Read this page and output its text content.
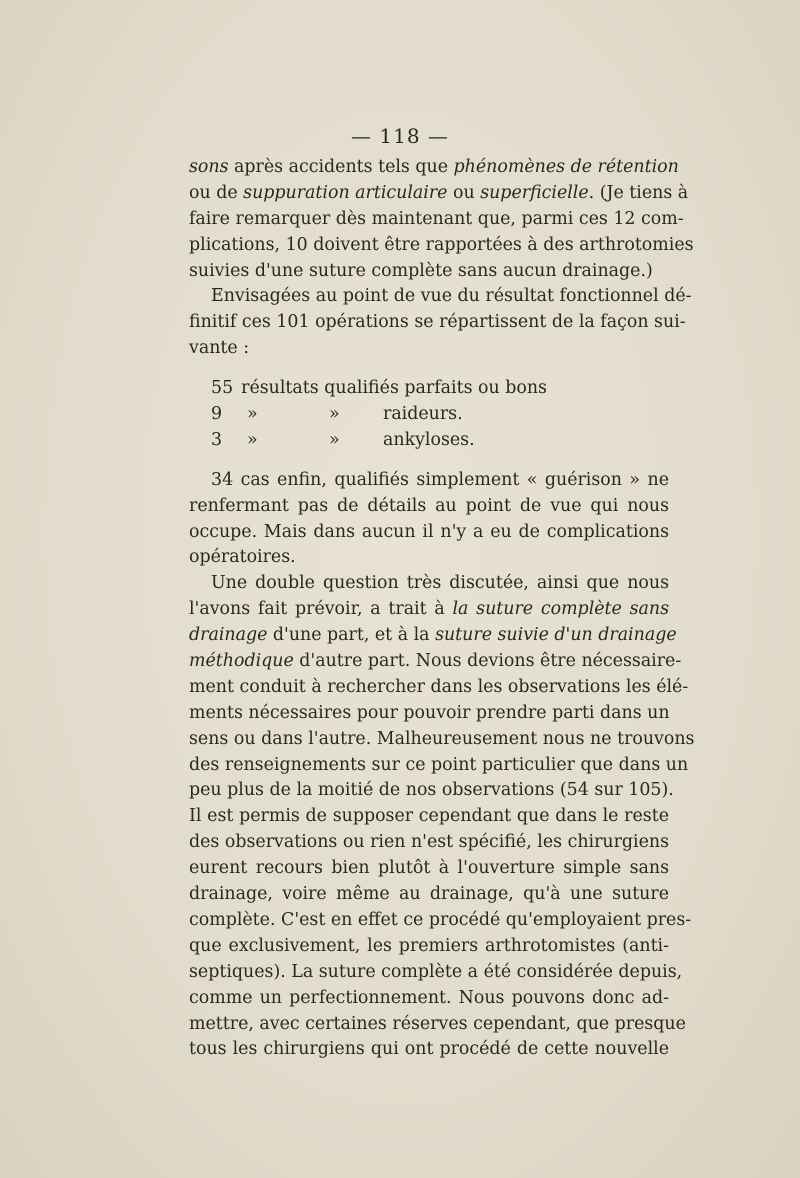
— 118 —
sons après accidents tels que phénomènes de rétention
ou de suppuration articulaire ou superficielle. (Je tiens à
faire remarquer dès maintenant que, parmi ces 12 com-
plications, 10 doivent être rapportées à des arthrotomies
suivies d'une suture complète sans aucun drainage.)
Envisagées au point de vue du résultat fonctionnel dé-
finitif ces 101 opérations se répartissent de la façon sui-
vante :
55 résultats qualifiés parfaits ou bons
9	»	»	raideurs.
3	»	»	ankyloses.
34 cas enfin, qualifiés simplement « guérison » ne
renfermant pas de détails au point de vue qui nous
occupe. Mais dans aucun il n'y a eu de complications
opératoires.
Une double question très discutée, ainsi que nous
l'avons fait prévoir, a trait à la suture complète sans
drainage d'une part, et à la suture suivie d'un drainage
méthodique d'autre part. Nous devions être nécessaire-
ment conduit à rechercher dans les observations les élé-
ments nécessaires pour pouvoir prendre parti dans un
sens ou dans l'autre. Malheureusement nous ne trouvons
des renseignements sur ce point particulier que dans un
peu plus de la moitié de nos observations (54 sur 105).
Il est permis de supposer cependant que dans le reste
des observations ou rien n'est spécifié, les chirurgiens
eurent recours bien plutôt à l'ouverture simple sans
drainage, voire même au drainage, qu'à une suture
complète. C'est en effet ce procédé qu'employaient pres-
que exclusivement, les premiers arthrotomistes (anti-
septiques). La suture complète a été considérée depuis,
comme un perfectionnement. Nous pouvons donc ad-
mettre, avec certaines réserves cependant, que presque
tous les chirurgiens qui ont procédé de cette nouvelle
